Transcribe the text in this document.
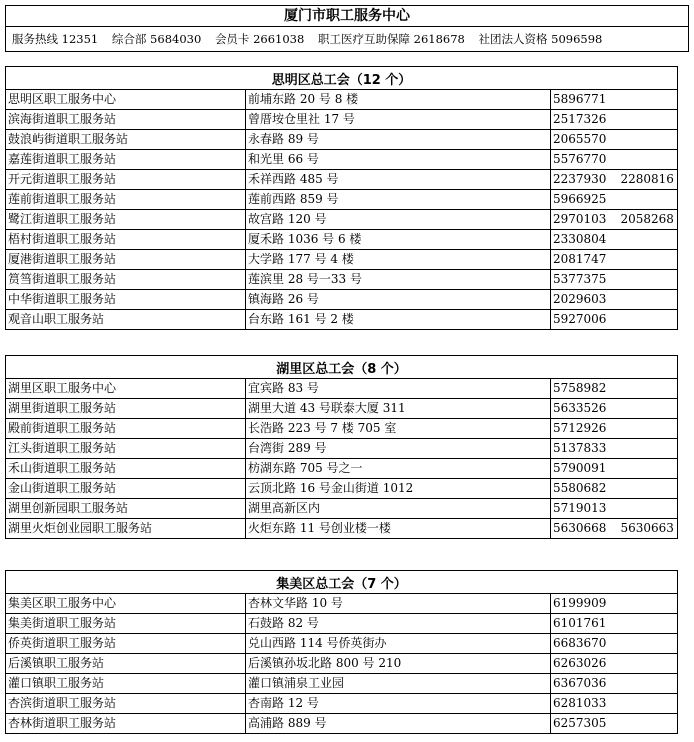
厦门市职工服务中心
服务热线 12351 综合部 5684030 会员卡 2661038 职工医疗互助保障 2618678 社团法人资格 5096598
思明区总工会（12 个）		
思明区职工服务中心	前埔东路 20 号 8 楼	5896771
滨海街道职工服务站	曾厝垵仓里社 17 号	2517326
鼓浪屿街道职工服务站	永春路 89 号	2065570
嘉莲街道职工服务站	和光里 66 号	5576770
开元街道职工服务站	禾祥西路 485 号	2237930 2280816
莲前街道职工服务站	莲前西路 859 号	5966925
鹭江街道职工服务站	故宫路 120 号	2970103 2058268
梧村街道职工服务站	厦禾路 1036 号 6 楼	2330804
厦港街道职工服务站	大学路 177 号 4 楼	2081747
筼筜街道职工服务站	莲滨里 28 号一33 号	5377375
中华街道职工服务站	镇海路 26 号	2029603
观音山职工服务站	台东路 161 号 2 楼	5927006
湖里区总工会（8 个）		
湖里区职工服务中心	宜宾路 83 号	5758982
湖里街道职工服务站	湖里大道 43 号联泰大厦 311	5633526
殿前街道职工服务站	长浩路 223 号 7 楼 705 室	5712926
江头街道职工服务站	台湾街 289 号	5137833
禾山街道职工服务站	枋湖东路 705 号之一	5790091
金山街道职工服务站	云顶北路 16 号金山街道 1012	5580682
湖里创新园职工服务站	湖里高新区内	5719013
湖里火炬创业园职工服务站	火炬东路 11 号创业楼一楼	5630668 5630663
集美区总工会（7 个）		
集美区职工服务中心	杏林文华路 10 号	6199909
集美街道职工服务站	石鼓路 82 号	6101761
侨英街道职工服务站	兑山西路 114 号侨英街办	6683670
后溪镇职工服务站	后溪镇孙坂北路 800 号 210	6263026
灌口镇职工服务站	灌口镇浦泉工业园	6367036
杏滨街道职工服务站	杏南路 12 号	6281033
杏林街道职工服务站	高浦路 889 号	6257305
